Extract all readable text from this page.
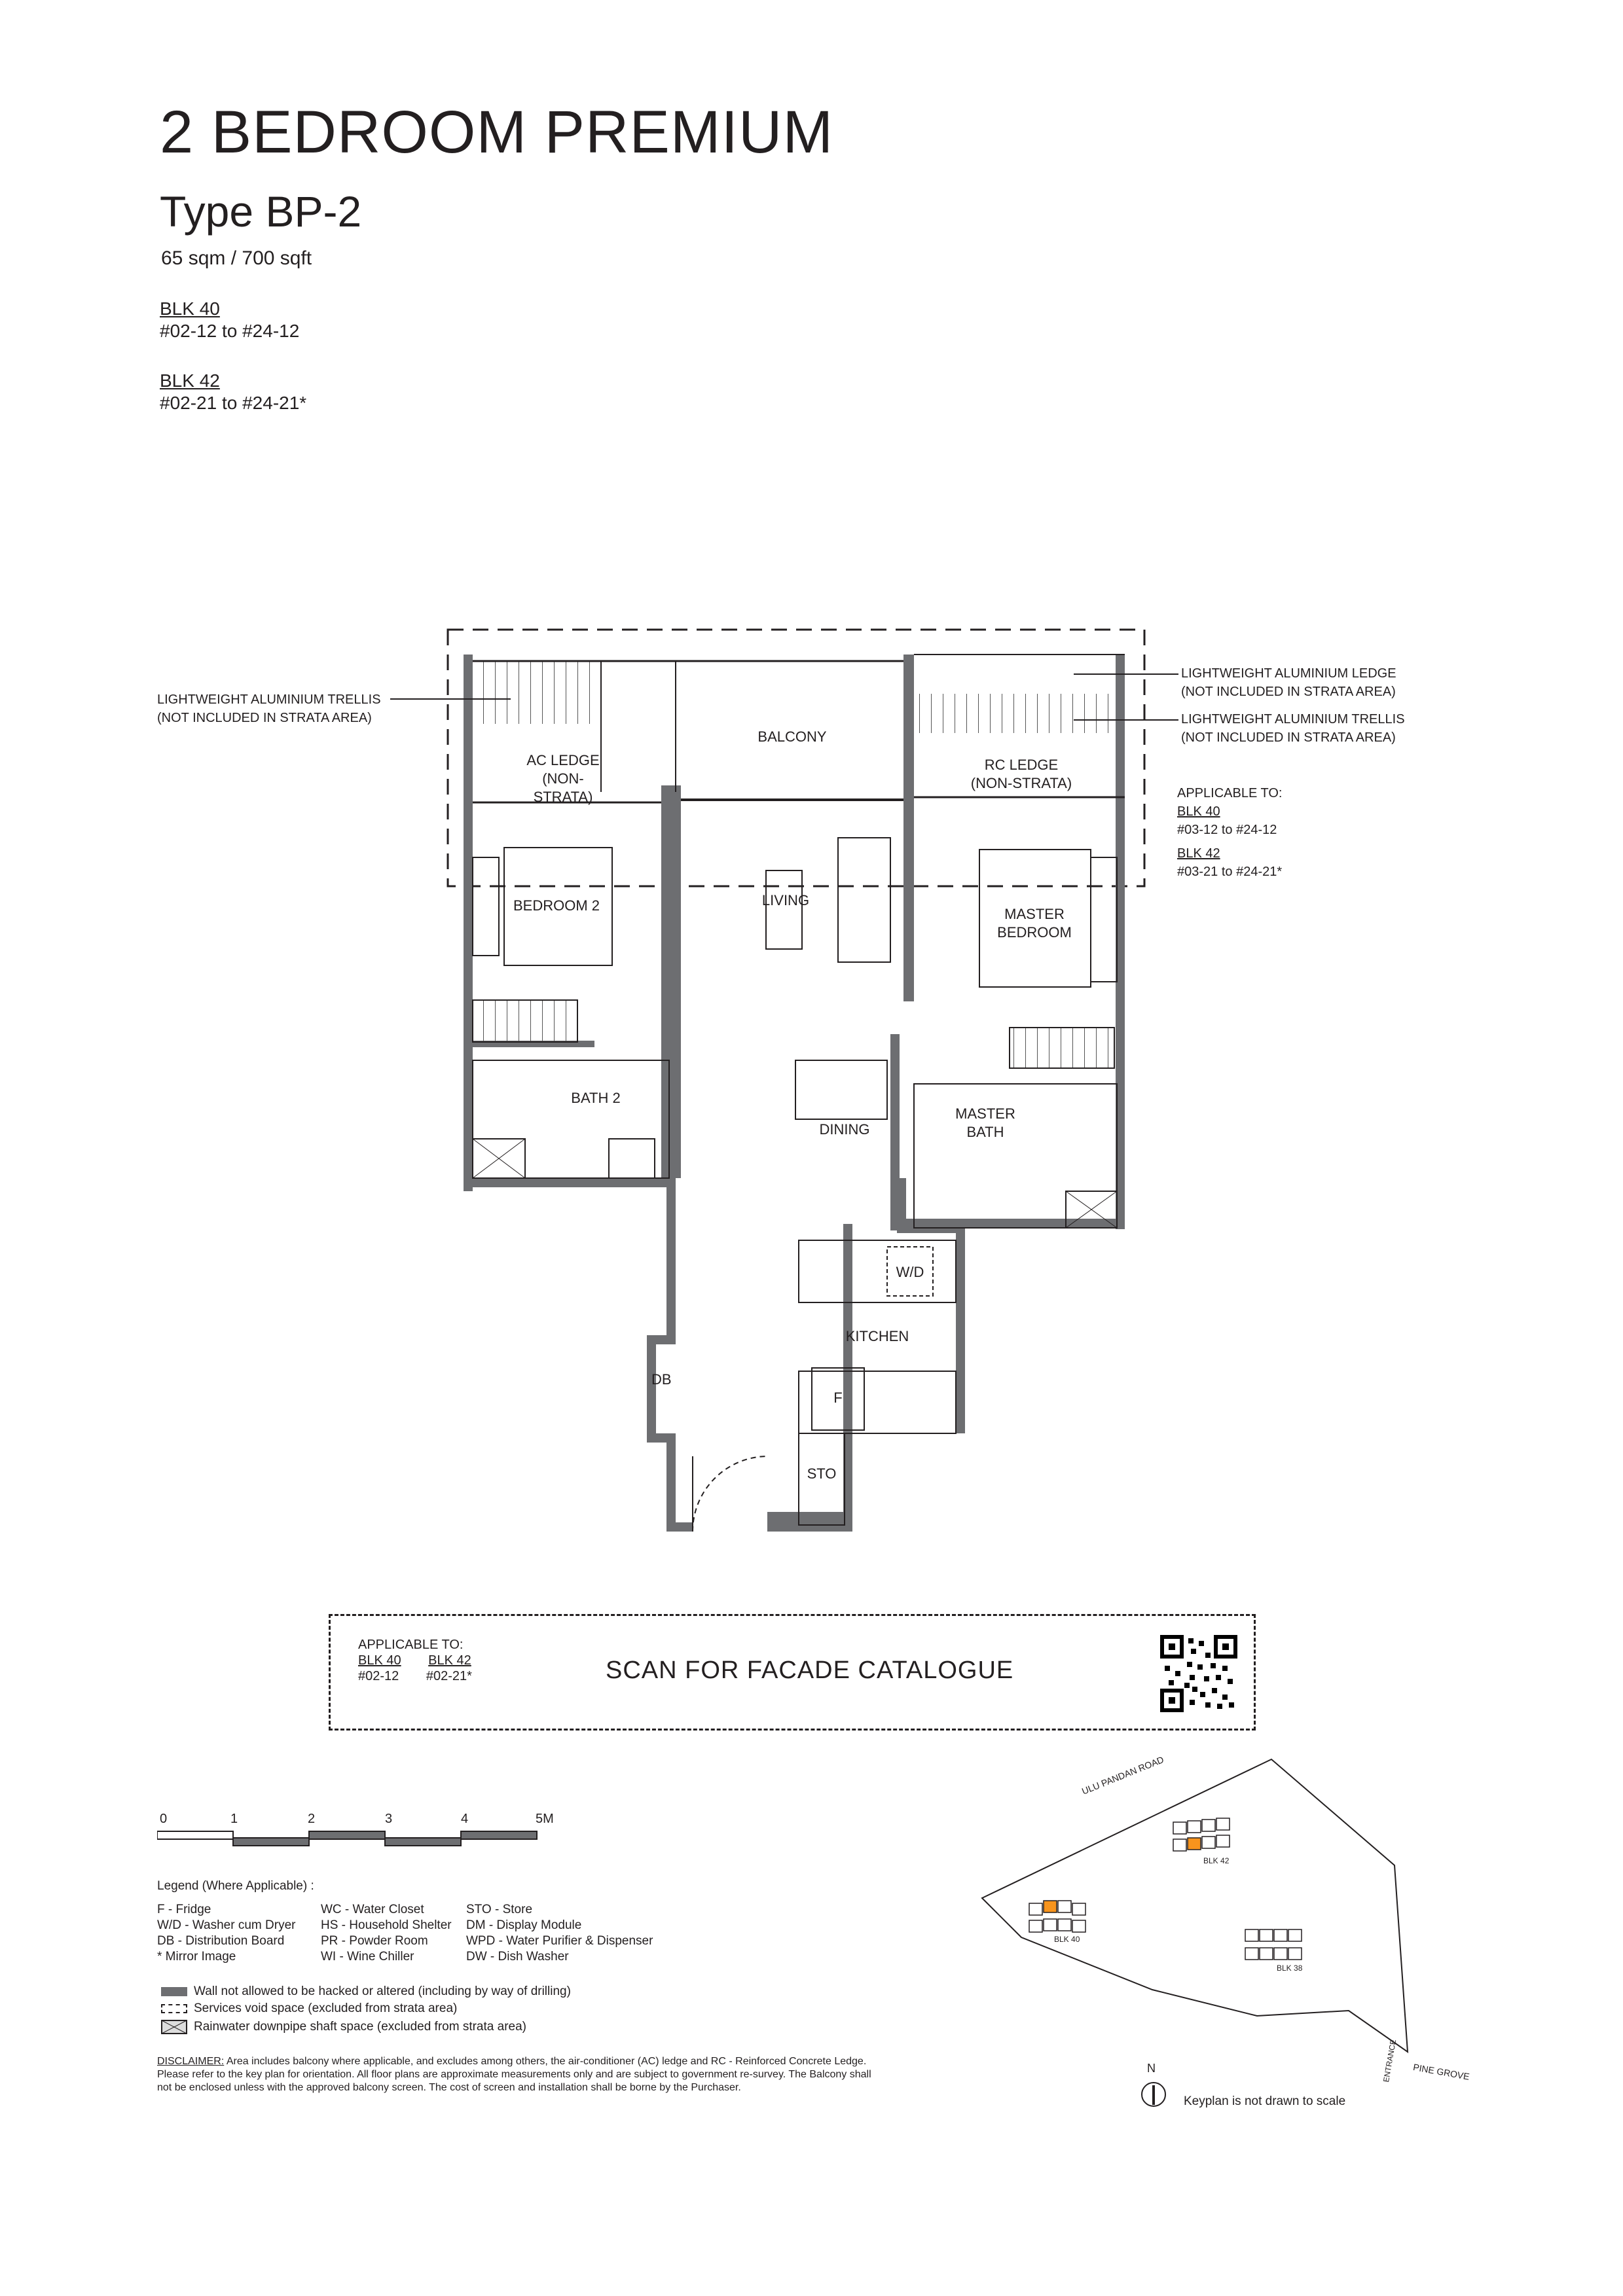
2 BEDROOM PREMIUM
Type BP-2
65 sqm / 700 sqft
BLK 40
#02-12 to #24-12
BLK 42
#02-21 to #24-21*
AC LEDGE
(NON-STRATA)
BALCONY
RC LEDGE
(NON-STRATA)
BEDROOM 2	LIVING
MASTER
BEDROOM
BATH 2
DINING
MASTER
BATH
W/D
KITCHEN
F
DB
STO
LIGHTWEIGHT ALUMINIUM TRELLIS
(NOT INCLUDED IN STRATA AREA)
LIGHTWEIGHT ALUMINIUM LEDGE
(NOT INCLUDED IN STRATA AREA)
LIGHTWEIGHT ALUMINIUM TRELLIS
(NOT INCLUDED IN STRATA AREA)
APPLICABLE TO:
BLK 40
#03-12 to #24-12
BLK 42
#03-21 to #24-21*
APPLICABLE TO:
BLK 40 BLK 42
#02-12 #02-21*	SCAN FOR FACADE CATALOGUE
0	1	2	3	4	5M
Legend (Where Applicable) :
F - Fridge
W/D - Washer cum Dryer
DB - Distribution Board
* Mirror Image
WC - Water Closet
HS - Household Shelter
PR - Powder Room
WI - Wine Chiller
STO - Store
DM - Display Module
WPD - Water Purifier & Dispenser
DW - Dish Washer
Wall not allowed to be hacked or altered (including by way of drilling)
Services void space (excluded from strata area)
Rainwater downpipe shaft space (excluded from strata area)
DISCLAIMER: Area includes balcony where applicable, and excludes among others, the air-conditioner (AC) ledge and RC - Reinforced Concrete Ledge. Please refer to the key plan for orientation. All floor plans are approximate measurements only and are subject to government re-survey. The Balcony shall not be enclosed unless with the approved balcony screen. The cost of screen and installation shall be borne by the Purchaser.
ULU PANDAN ROAD
PINE GROVE
ENTRANCE
BLK 42
BLK 40
BLK 38
N
Keyplan is not drawn to scale
